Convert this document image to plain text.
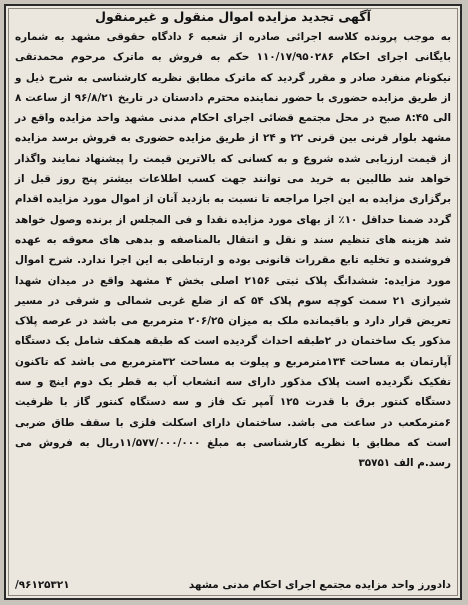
آگهی تجدید مزایده اموال منقول و غیرمنقول

به موجب پرونده کلاسه اجرائی صادره از شعبه ۶ دادگاه حقوقی مشهد به شماره بایگانی اجرای احکام ۱۱۰/۱۷/۹۵۰۲۸۶ حکم به فروش به ماترک مرحوم محمدتقی نیکونام منفرد صادر و مقرر گردید که ماترک مطابق نظریه کارشناسی به شرح ذیل و از طریق مزایده حضوری با حضور نماینده محترم دادستان در تاریخ ۹۶/۸/۲۱ از ساعت ۸ الی ۸:۴۵ صبح در محل مجتمع قضائی اجرای احکام مدنی مشهد واحد مزایده واقع در مشهد بلوار قرنی بین قرنی ۲۲ و ۲۴ از طریق مزایده حضوری به فروش برسد مزایده از قیمت ارزیابی شده شروع و به کسانی که بالاترین قیمت را پیشنهاد نمایند واگذار خواهد شد طالبین به خرید می توانند جهت کسب اطلاعات بیشتر پنج روز قبل از برگزاری مزایده به این اجرا مراجعه تا نسبت به بازدید آنان از اموال مورد مزایده اقدام گردد ضمنا حداقل ۱۰٪ از بهای مورد مزایده نقدا و فی المجلس از برنده وصول خواهد شد هزینه های تنظیم سند و نقل و انتقال بالمناصفه و بدهی های معوقه به عهده فروشنده و تخلیه تابع مقررات قانونی بوده و ارتباطی به این اجرا ندارد. شرح اموال مورد مزایده: ششدانگ پلاک ثبتی ۲۱۵۶ اصلی بخش ۴ مشهد واقع در میدان شهدا شیرازی ۲۱ سمت کوچه سوم پلاک ۵۴ که از ضلع غربی شمالی و شرقی در مسیر تعریض قرار دارد و باقیمانده ملک به میزان ۲۰۶/۲۵ مترمربع می باشد در عرصه پلاک مذکور یک ساختمان در ۲طبقه احداث گردیده است که طبقه همکف شامل یک دستگاه آپارتمان به مساحت ۱۳۴مترمربع و پیلوت به مساحت ۳۲مترمربع می باشد که تاکنون تفکیک نگردیده است پلاک مذکور دارای سه انشعاب آب به قطر یک دوم اینچ و سه دستگاه کنتور برق با قدرت ۱۲۵ آمپر تک فاز و سه دستگاه کنتور گاز با ظرفیت ۶مترمکعب در ساعت می باشد. ساختمان دارای اسکلت فلزی با سقف طاق ضربی است که مطابق با نظریه کارشناسی به مبلغ ۱۱/۵۷۷/۰۰۰/۰۰۰ریال به فروش می رسد.م الف ۳۵۷۵۱

دادورز واحد مزایده مجتمع اجرای احکام مدنی مشهد
۹۶۱۲۵۳۲۱/
